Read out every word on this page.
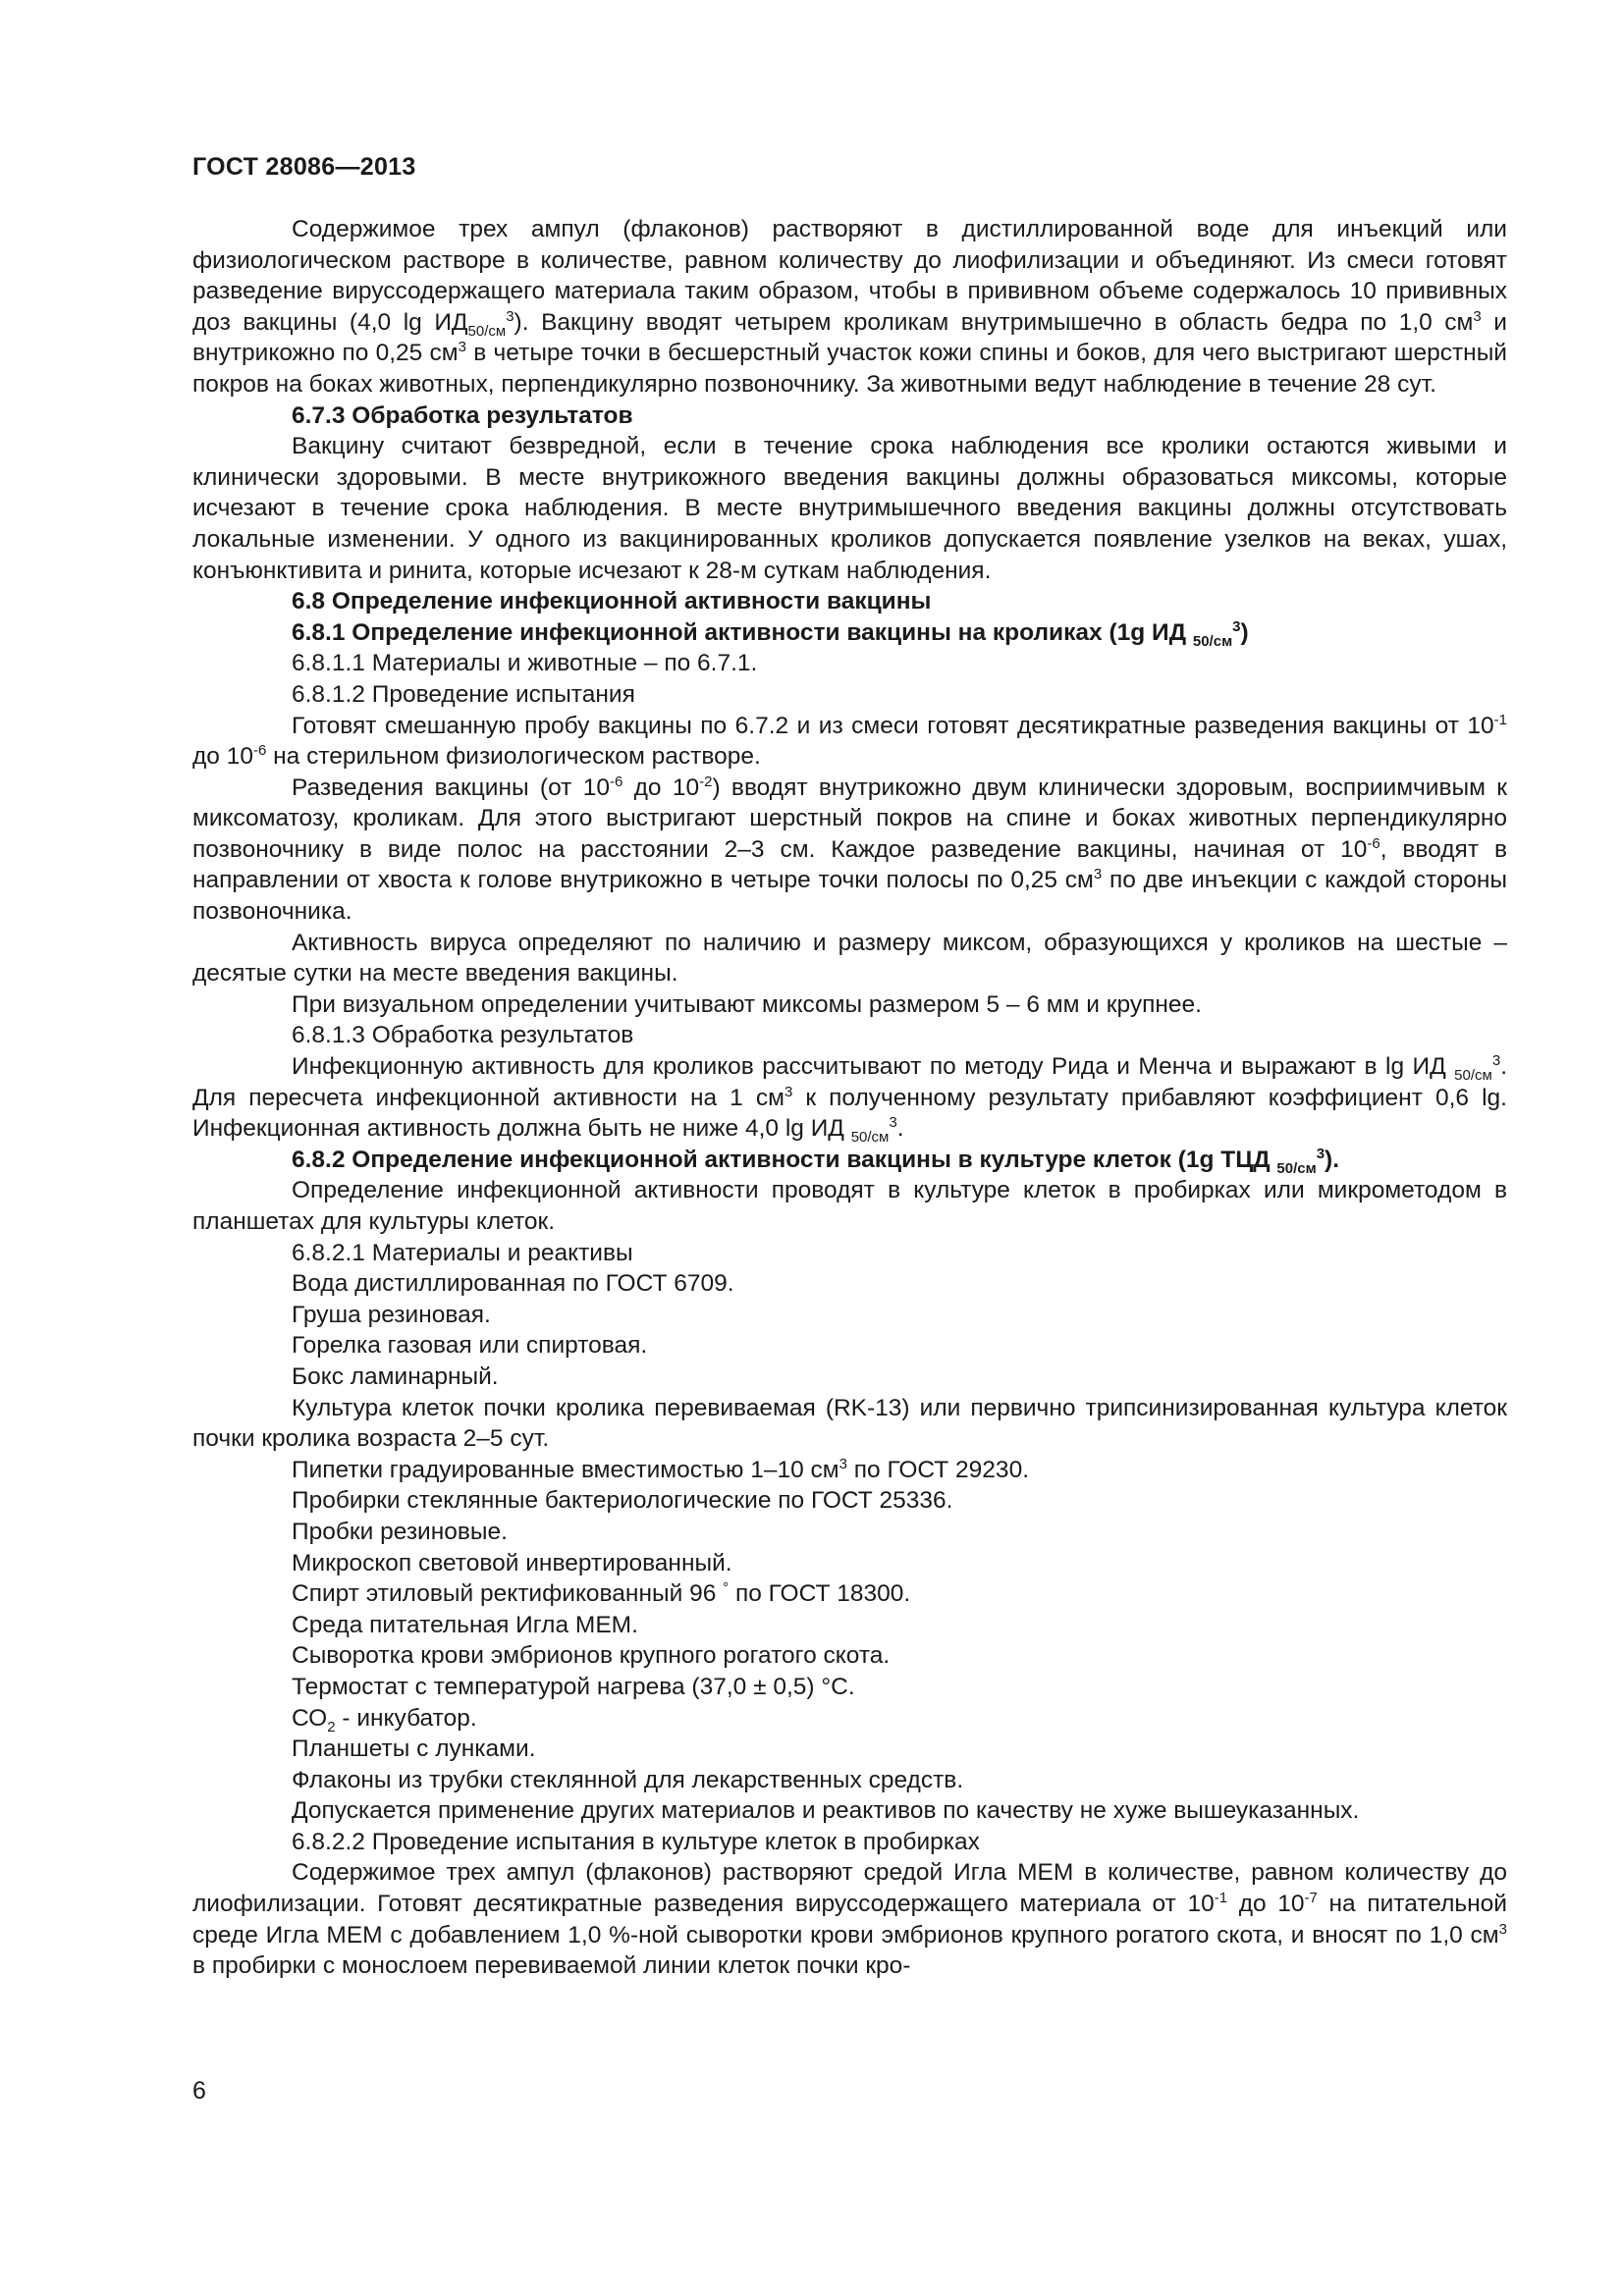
ГОСТ 28086—2013

Содержимое трех ампул (флаконов) растворяют в дистиллированной воде для инъекций или физиологическом растворе в количестве, равном количеству до лиофилизации и объединяют. Из смеси готовят разведение вируссодержащего материала таким образом, чтобы в прививном объеме содержалось 10 прививных доз вакцины (4,0 $\lg ИД_{50/см}^3$). Вакцину вводят четырем кроликам внутримышечно в область бедра по 1,0 $см^3$ и внутрикожно по 0,25 $см^3$ в четыре точки в бесшерстный участок кожи спины и боков, для чего выстригают шерстный покров на боках животных, перпендикулярно позвоночнику. За животными ведут наблюдение в течение 28 сут.

6.7.3 Обработка результатов

Вакцину считают безвредной, если в течение срока наблюдения все кролики остаются живыми и клинически здоровыми. В месте внутрикожного введения вакцины должны образоваться миксомы, которые исчезают в течение срока наблюдения. В месте внутримышечного введения вакцины должны отсутствовать локальные изменении. У одного из вакцинированных кроликов допускается появление узелков на веках, ушах, конъюнктивита и ринита, которые исчезают к 28-м суткам наблюдения.

6.8 Определение инфекционной активности вакцины

6.8.1 Определение инфекционной активности вакцины на кроликах (1g ИД $_{50/см}^3$)

6.8.1.1 Материалы и животные – по 6.7.1.

6.8.1.2 Проведение испытания

Готовят смешанную пробу вакцины по 6.7.2 и из смеси готовят десятикратные разведения вакцины от $10^{-1}$ до $10^{-6}$ на стерильном физиологическом растворе.

Разведения вакцины (от $10^{-6}$ до $10^{-2}$) вводят внутрикожно двум клинически здоровым, восприимчивым к миксоматозу, кроликам. Для этого выстригают шерстный покров на спине и боках животных перпендикулярно позвоночнику в виде полос на расстоянии 2–3 см. Каждое разведение вакцины, начиная от $10^{-6}$, вводят в направлении от хвоста к голове внутрикожно в четыре точки полосы по 0,25 $см^3$ по две инъекции с каждой стороны позвоночника.

Активность вируса определяют по наличию и размеру миксом, образующихся у кроликов на шестые – десятые сутки на месте введения вакцины.

При визуальном определении учитывают миксомы размером 5 – 6 мм и крупнее.

6.8.1.3 Обработка результатов

Инфекционную активность для кроликов рассчитывают по методу Рида и Менча и выражают в lg ИД $_{50/см}^3$. Для пересчета инфекционной активности на 1 $см^3$ к полученному результату прибавляют коэффициент 0,6 lg. Инфекционная активность должна быть не ниже 4,0 lg ИД $_{50/см}^3$.

6.8.2 Определение инфекционной активности вакцины в культуре клеток (1g ТЦД $_{50/см}^3$).

Определение инфекционной активности проводят в культуре клеток в пробирках или микрометодом в планшетах для культуры клеток.

6.8.2.1 Материалы и реактивы

Вода дистиллированная по ГОСТ 6709.

Груша резиновая.

Горелка газовая или спиртовая.

Бокс ламинарный.

Культура клеток почки кролика перевиваемая (RK-13) или первично трипсинизированная культура клеток почки кролика возраста 2–5 сут.

Пипетки градуированные вместимостью 1–10 $см^3$ по ГОСТ 29230.

Пробирки стеклянные бактериологические по ГОСТ 25336.

Пробки резиновые.

Микроскоп световой инвертированный.

Спирт этиловый ректификованный 96 ° по ГОСТ 18300.

Среда питательная Игла МЕМ.

Сыворотка крови эмбрионов крупного рогатого скота.

Термостат с температурой нагрева (37,0 ± 0,5) °С.

$СО_2$ - инкубатор.

Планшеты с лунками.

Флаконы из трубки стеклянной для лекарственных средств.

Допускается применение других материалов и реактивов по качеству не хуже вышеуказанных.

6.8.2.2 Проведение испытания в культуре клеток в пробирках

Содержимое трех ампул (флаконов) растворяют средой Игла МЕМ в количестве, равном количеству до лиофилизации. Готовят десятикратные разведения вируссодержащего материала от $10^{-1}$ до $10^{-7}$ на питательной среде Игла МЕМ с добавлением 1,0 %-ной сыворотки крови эмбрионов крупного рогатого скота, и вносят по 1,0 $см^3$ в пробирки с монослоем перевиваемой линии клеток почки кро-

6
